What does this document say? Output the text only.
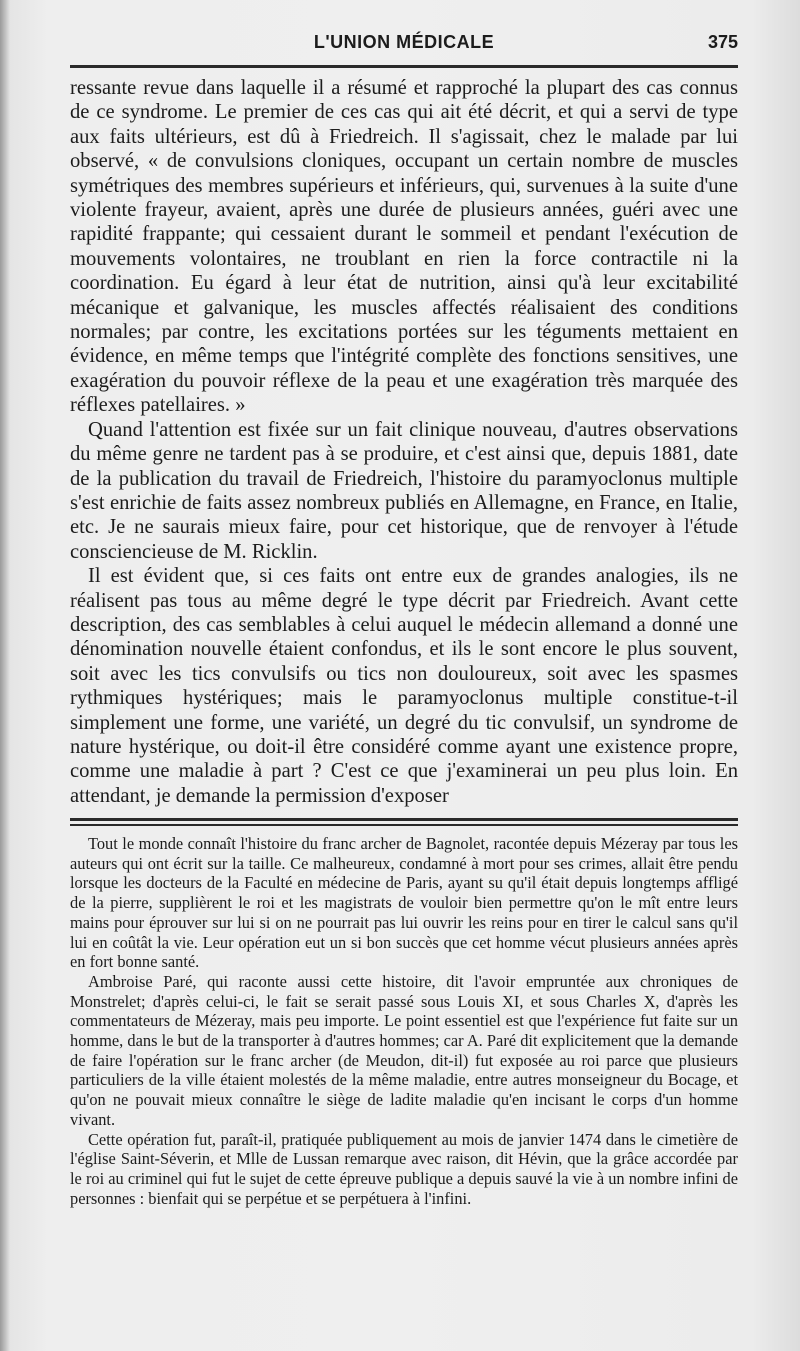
L'UNION MÉDICALE	375

ressante revue dans laquelle il a résumé et rapproché la plupart des cas connus de ce syndrome. Le premier de ces cas qui ait été décrit, et qui a servi de type aux faits ultérieurs, est dû à Friedreich. Il s'agissait, chez le malade par lui observé, « de convulsions cloniques, occupant un certain nombre de muscles symétriques des membres supérieurs et inférieurs, qui, survenues à la suite d'une violente frayeur, avaient, après une durée de plusieurs années, guéri avec une rapidité frappante; qui cessaient durant le sommeil et pendant l'exécution de mouvements volontaires, ne troublant en rien la force contractile ni la coordination. Eu égard à leur état de nutrition, ainsi qu'à leur excitabilité mécanique et galvanique, les muscles affectés réalisaient des conditions normales; par contre, les excitations portées sur les téguments mettaient en évidence, en même temps que l'intégrité complète des fonctions sensitives, une exagération du pouvoir réflexe de la peau et une exagération très marquée des réflexes patellaires. »

Quand l'attention est fixée sur un fait clinique nouveau, d'autres observations du même genre ne tardent pas à se produire, et c'est ainsi que, depuis 1881, date de la publication du travail de Friedreich, l'histoire du paramyoclonus multiple s'est enrichie de faits assez nombreux publiés en Allemagne, en France, en Italie, etc. Je ne saurais mieux faire, pour cet historique, que de renvoyer à l'étude consciencieuse de M. Ricklin.

Il est évident que, si ces faits ont entre eux de grandes analogies, ils ne réalisent pas tous au même degré le type décrit par Friedreich. Avant cette description, des cas semblables à celui auquel le médecin allemand a donné une dénomination nouvelle étaient confondus, et ils le sont encore le plus souvent, soit avec les tics convulsifs ou tics non douloureux, soit avec les spasmes rythmiques hystériques; mais le paramyoclonus multiple constitue-t-il simplement une forme, une variété, un degré du tic convulsif, un syndrome de nature hystérique, ou doit-il être considéré comme ayant une existence propre, comme une maladie à part ? C'est ce que j'examinerai un peu plus loin. En attendant, je demande la permission d'exposer

Tout le monde connaît l'histoire du franc archer de Bagnolet, racontée depuis Mézeray par tous les auteurs qui ont écrit sur la taille. Ce malheureux, condamné à mort pour ses crimes, allait être pendu lorsque les docteurs de la Faculté en médecine de Paris, ayant su qu'il était depuis longtemps affligé de la pierre, supplièrent le roi et les magistrats de vouloir bien permettre qu'on le mît entre leurs mains pour éprouver sur lui si on ne pourrait pas lui ouvrir les reins pour en tirer le calcul sans qu'il lui en coûtât la vie. Leur opération eut un si bon succès que cet homme vécut plusieurs années après en fort bonne santé.

Ambroise Paré, qui raconte aussi cette histoire, dit l'avoir empruntée aux chroniques de Monstrelet; d'après celui-ci, le fait se serait passé sous Louis XI, et sous Charles X, d'après les commentateurs de Mézeray, mais peu importe. Le point essentiel est que l'expérience fut faite sur un homme, dans le but de la transporter à d'autres hommes; car A. Paré dit explicitement que la demande de faire l'opération sur le franc archer (de Meudon, dit-il) fut exposée au roi parce que plusieurs particuliers de la ville étaient molestés de la même maladie, entre autres monseigneur du Bocage, et qu'on ne pouvait mieux connaître le siège de ladite maladie qu'en incisant le corps d'un homme vivant.

Cette opération fut, paraît-il, pratiquée publiquement au mois de janvier 1474 dans le cimetière de l'église Saint-Séverin, et Mlle de Lussan remarque avec raison, dit Hévin, que la grâce accordée par le roi au criminel qui fut le sujet de cette épreuve publique a depuis sauvé la vie à un nombre infini de personnes : bienfait qui se perpétue et se perpétuera à l'infini.
